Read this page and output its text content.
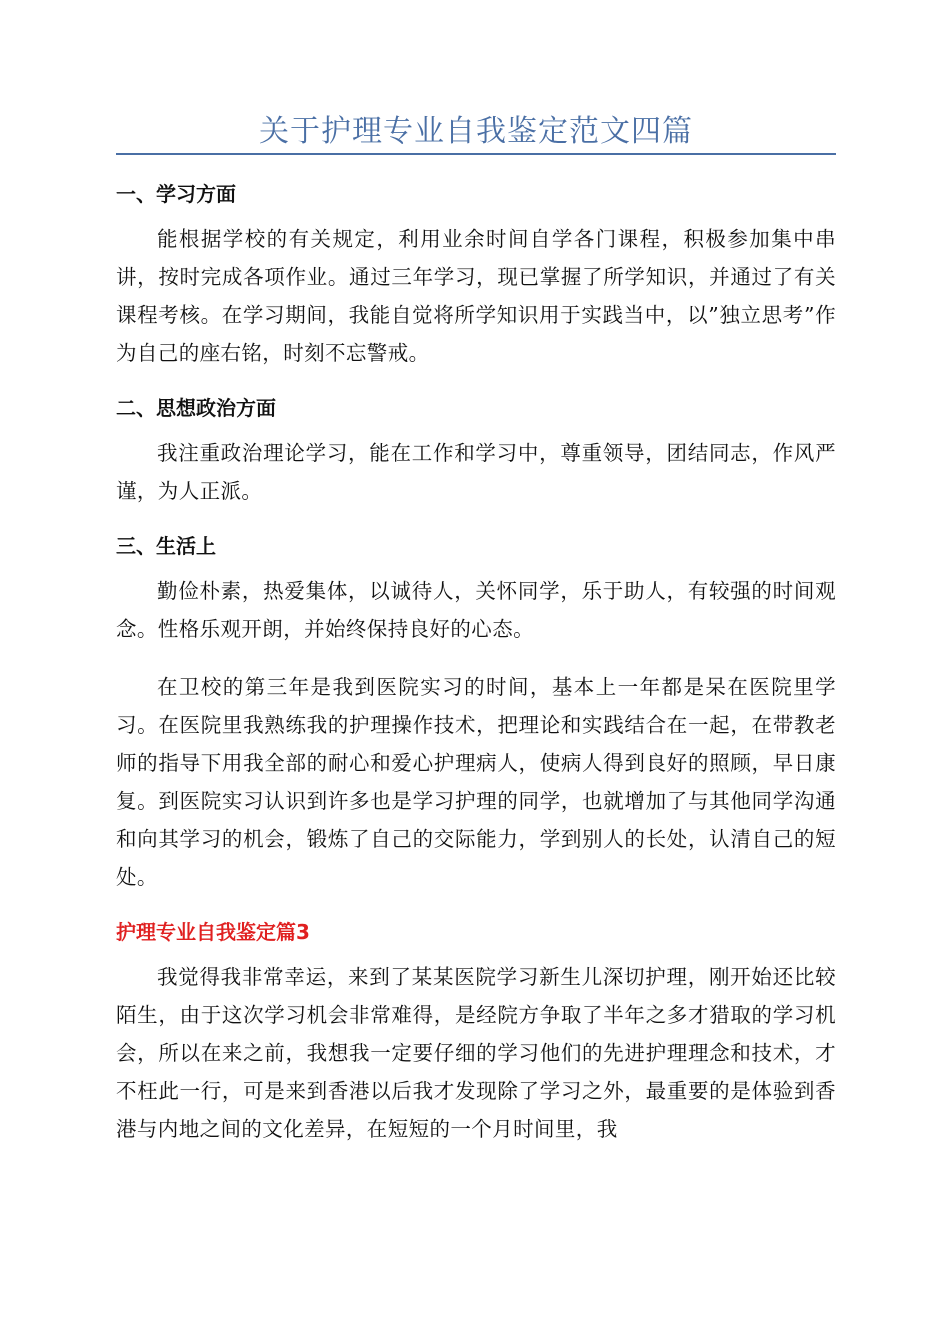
关于护理专业自我鉴定范文四篇
一、学习方面

能根据学校的有关规定，利用业余时间自学各门课程，积极参加集中串讲，按时完成各项作业。通过三年学习，现已掌握了所学知识，并通过了有关课程考核。在学习期间，我能自觉将所学知识用于实践当中，以”独立思考”作为自己的座右铭，时刻不忘警戒。

二、思想政治方面

我注重政治理论学习，能在工作和学习中，尊重领导，团结同志，作风严谨，为人正派。

三、生活上

勤俭朴素，热爱集体，以诚待人，关怀同学，乐于助人，有较强的时间观念。性格乐观开朗，并始终保持良好的心态。

在卫校的第三年是我到医院实习的时间，基本上一年都是呆在医院里学习。在医院里我熟练我的护理操作技术，把理论和实践结合在一起，在带教老师的指导下用我全部的耐心和爱心护理病人，使病人得到良好的照顾，早日康复。到医院实习认识到许多也是学习护理的同学，也就增加了与其他同学沟通和向其学习的机会，锻炼了自己的交际能力，学到别人的长处，认清自己的短处。

护理专业自我鉴定篇3

我觉得我非常幸运，来到了某某医院学习新生儿深切护理，刚开始还比较陌生，由于这次学习机会非常难得，是经院方争取了半年之多才猎取的学习机会，所以在来之前，我想我一定要仔细的学习他们的先进护理理念和技术，才不枉此一行，可是来到香港以后我才发现除了学习之外，最重要的是体验到香港与内地之间的文化差异，在短短的一个月时间里，我
